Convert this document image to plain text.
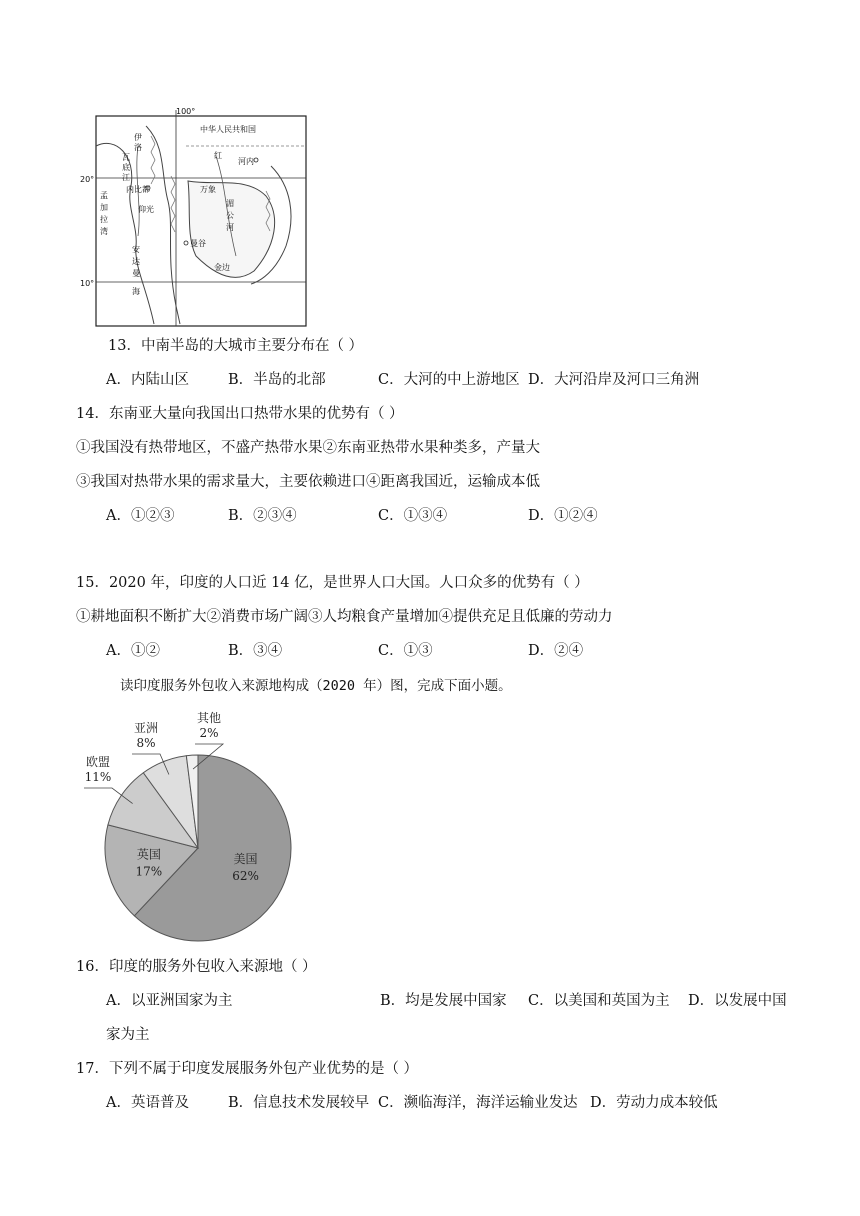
100°
20°
10°
中华人民共和国
伊
洛
瓦
底
江
孟
加
拉
湾
红
河内
万象
湄
公
河
内比都
仰光
安
达
曼
海
曼谷
金边
13．中南半岛的大城市主要分布在（ ）
A．内陆山区	B．半岛的北部	C．大河的中上游地区 D．大河沿岸及河口三角洲
14．东南亚大量向我国出口热带水果的优势有（ ）
①我国没有热带地区，不盛产热带水果②东南亚热带水果种类多，产量大
③我国对热带水果的需求量大，主要依赖进口④距离我国近，运输成本低
A．①②③	B．②③④	C．①③④	D．①②④
15．2020 年，印度的人口近 14 亿，是世界人口大国。人口众多的优势有（ ）
①耕地面积不断扩大②消费市场广阔③人均粮食产量增加④提供充足且低廉的劳动力
A．①②	B．③④	C．①③	D．②④
读印度服务外包收入来源地构成（2020 年）图，完成下面小题。
美国
62%
英国
17%
欧盟
11%
亚洲
8%
其他
2%
16．印度的服务外包收入来源地（ ）
A．以亚洲国家为主	B．均是发展中国家 C．以美国和英国为主 D．以发展中国
家为主
17．下列不属于印度发展服务外包产业优势的是（ ）
A．英语普及	B．信息技术发展较早 C．濒临海洋，海洋运输业发达 D．劳动力成本较低
